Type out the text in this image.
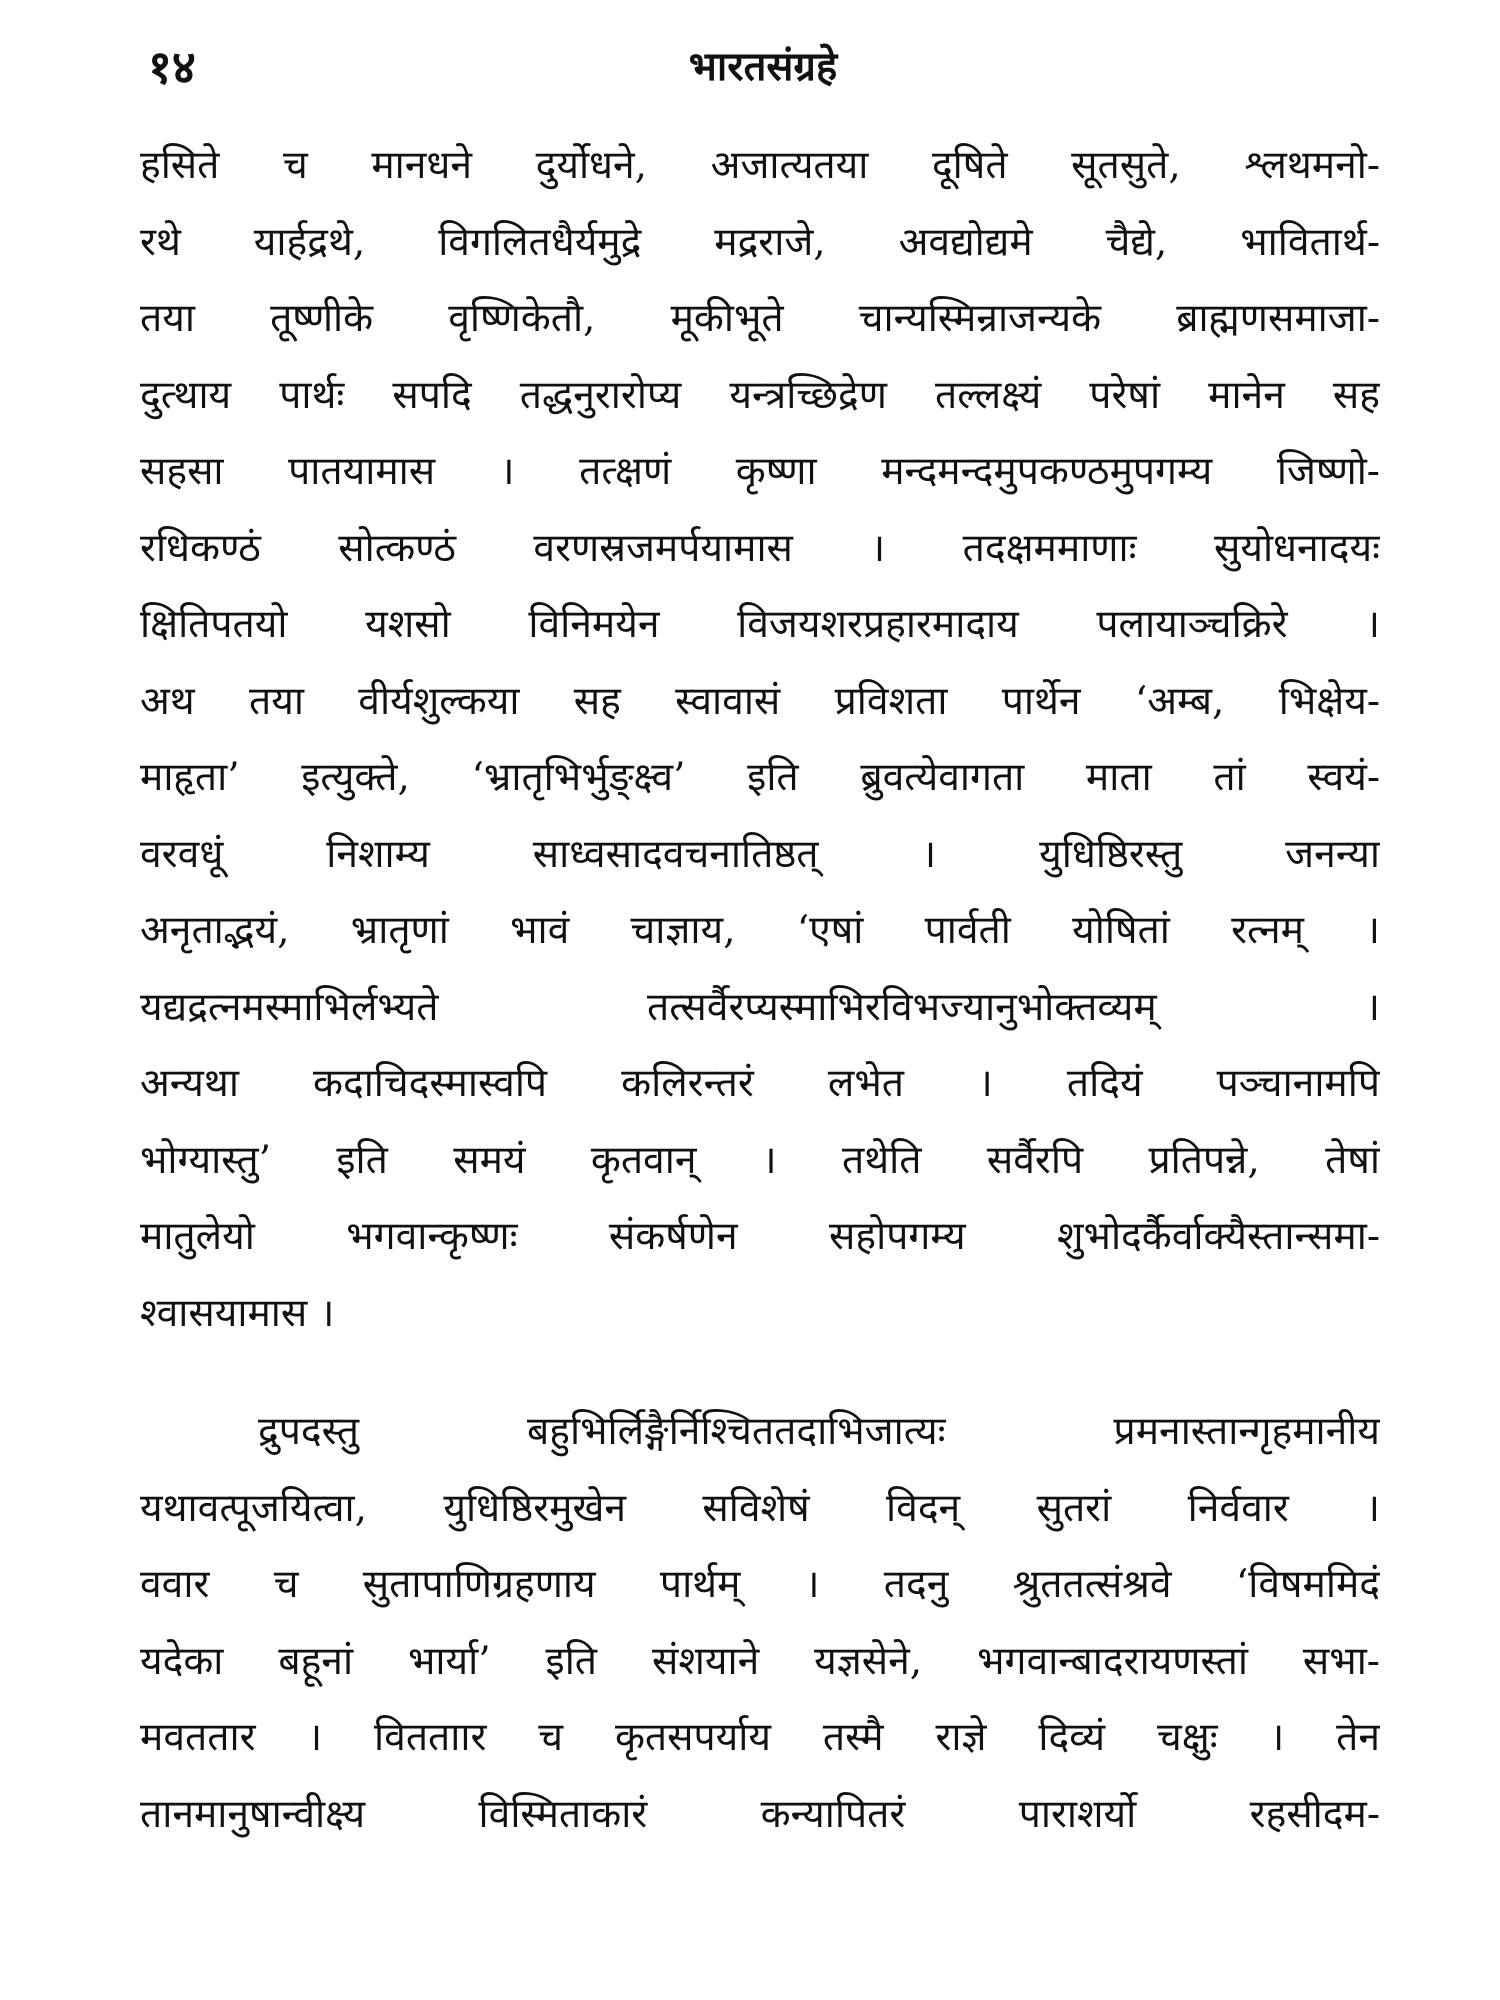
१४	भारतसंग्रहे
हसिते च मानधने दुर्योधने, अजात्यतया दूषिते सूतसुते, श्लथमनो-
रथे यार्हद्रथे, विगलितधैर्यमुद्रे मद्रराजे, अवद्योद्यमे चैद्ये, भावितार्थ-
तया तूष्णीके वृष्णिकेतौ, मूकीभूते चान्यस्मिन्राजन्यके ब्राह्मणसमाजा-
दुत्थाय पार्थः सपदि तद्धनुरारोप्य यन्त्रच्छिद्रेण तल्लक्ष्यं परेषां मानेन सह
सहसा पातयामास । तत्क्षणं कृष्णा मन्दमन्दमुपकण्ठमुपगम्य जिष्णो-
रधिकण्ठं सोत्कण्ठं वरणस्रजमर्पयामास । तदक्षममाणाः सुयोधनादयः
क्षितिपतयो यशसो विनिमयेन विजयशरप्रहारमादाय पलायाञ्चक्रिरे ।
अथ तया वीर्यशुल्कया सह स्वावासं प्रविशता पार्थेन ‘अम्ब, भिक्षेय-
माहृता’ इत्युक्ते, ‘भ्रातृभिर्भुङ्क्ष्व’ इति ब्रुवत्येवागता माता तां स्वयं-
वरवधूं निशाम्य साध्वसादवचनातिष्ठत् । युधिष्ठिरस्तु जनन्या
अनृताद्भयं, भ्रातृणां भावं चाज्ञाय, ‘एषां पार्वती योषितां रत्नम् ।
यद्यद्रत्नमस्माभिर्लभ्यते तत्सर्वैरप्यस्माभिरविभज्यानुभोक्तव्यम् ।
अन्यथा कदाचिदस्मास्वपि कलिरन्तरं लभेत । तदियं पञ्चानामपि
भोग्यास्तु’ इति समयं कृतवान् । तथेति सर्वैरपि प्रतिपन्ने, तेषां
मातुलेयो भगवान्कृष्णः संकर्षणेन सहोपगम्य शुभोदर्कैर्वाक्यैस्तान्समा-
श्वासयामास ।
द्रुपदस्तु बहुभिर्लिङ्गैर्निश्चिततदाभिजात्यः प्रमनास्तान्गृहमानीय
यथावत्पूजयित्वा, युधिष्ठिरमुखेन सविशेषं विदन् सुतरां निर्ववार ।
ववार च सुतापाणिग्रहणाय पार्थम् । तदनु श्रुततत्संश्रवे ‘विषममिदं
यदेका बहूनां भार्या’ इति संशयाने यज्ञसेने, भगवान्बादरायणस्तां सभा-
मवततार । वितताार च कृतसपर्याय तस्मै राज्ञे दिव्यं चक्षुः । तेन
तानमानुषान्वीक्ष्य विस्मिताकारं कन्यापितरं पाराशर्यो रहसीदम-
